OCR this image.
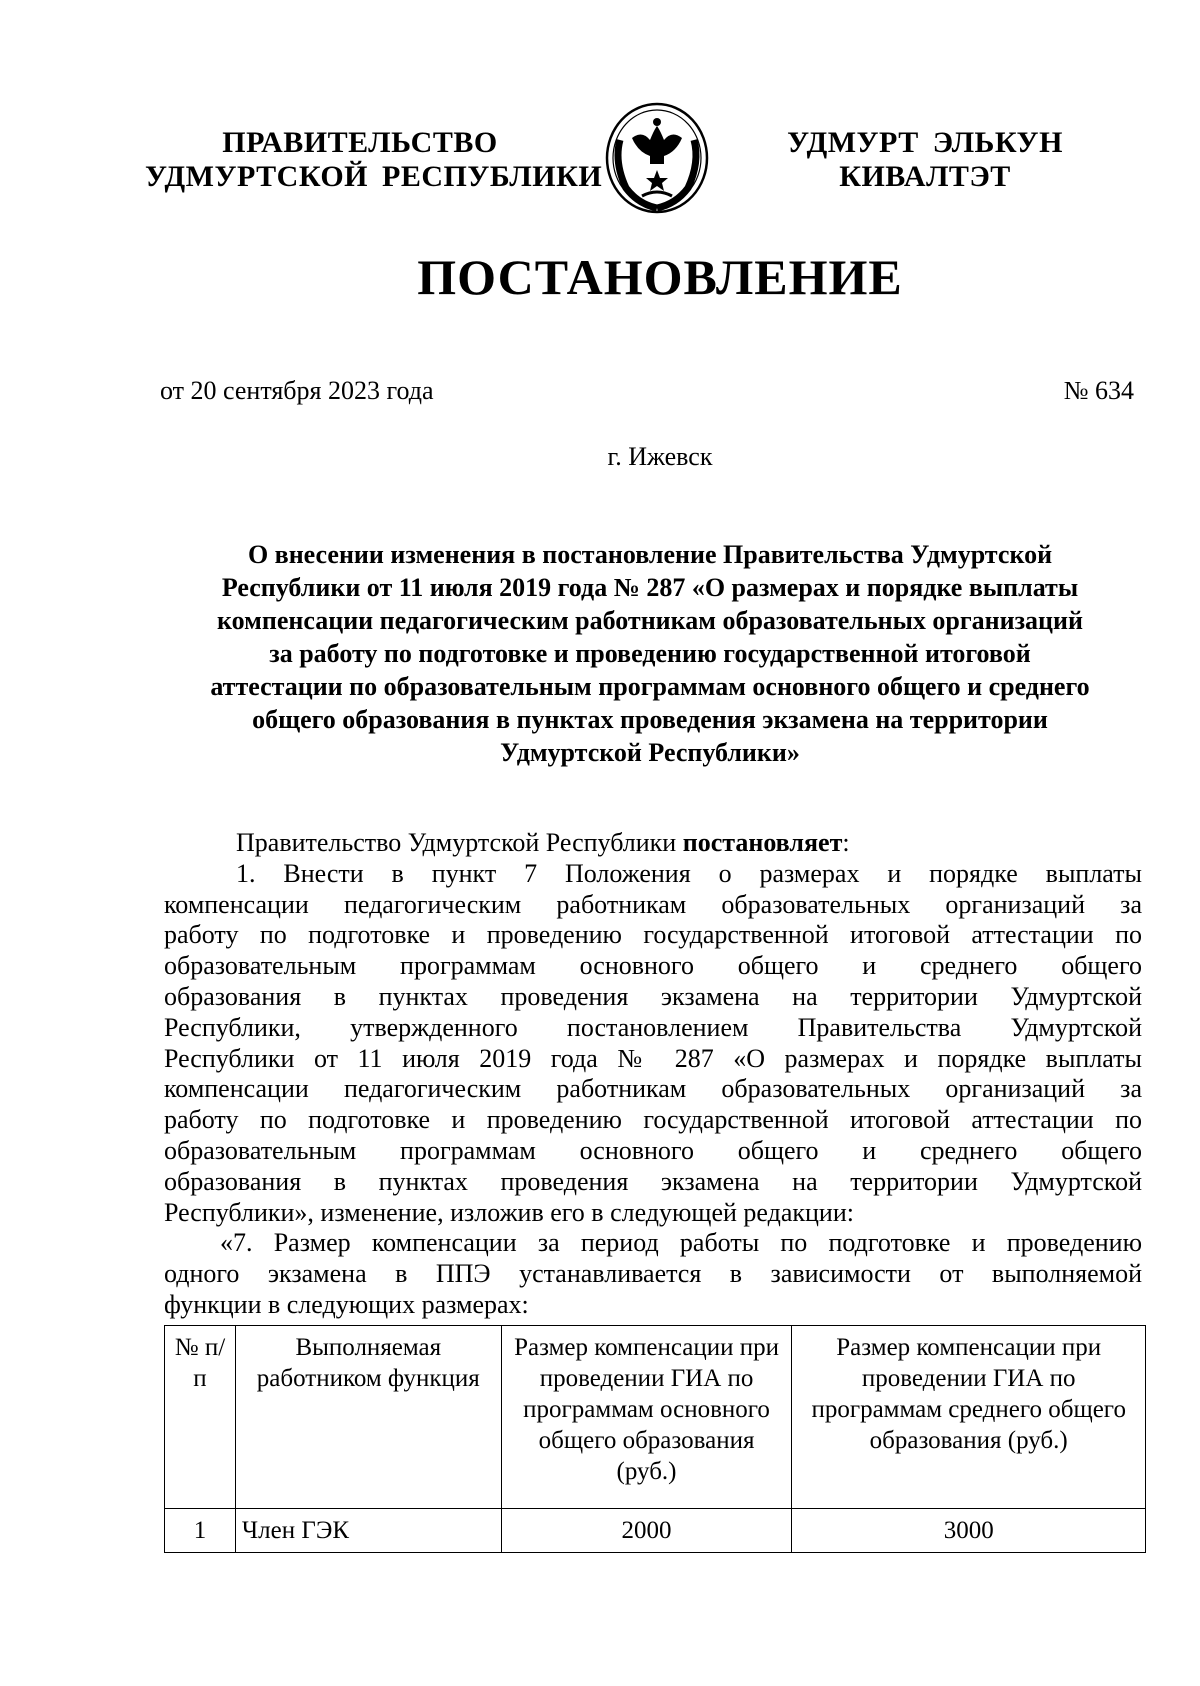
ПРАВИТЕЛЬСТВО
УДМУРТСКОЙ РЕСПУБЛИКИ
УДМУРТ ЭЛЬКУН
КИВАЛТЭТ
ПОСТАНОВЛЕНИЕ
от 20 сентября 2023 года	№ 634
г. Ижевск
О внесении изменения в постановление Правительства Удмуртской
Республики от 11 июля 2019 года № 287 «О размерах и порядке выплаты
компенсации педагогическим работникам образовательных организаций
за работу по подготовке и проведению государственной итоговой
аттестации по образовательным программам основного общего и среднего
общего образования в пунктах проведения экзамена на территории
Удмуртской Республики»

Правительство Удмуртской Республики постановляет:

1. Внести в пункт 7 Положения о размерах и порядке выплаты
компенсации педагогическим работникам образовательных организаций за
работу по подготовке и проведению государственной итоговой аттестации по
образовательным программам основного общего и среднего общего
образования в пунктах проведения экзамена на территории Удмуртской
Республики, утвержденного постановлением Правительства Удмуртской
Республики от 11 июля 2019 года № 287 «О размерах и порядке выплаты
компенсации педагогическим работникам образовательных организаций за
работу по подготовке и проведению государственной итоговой аттестации по
образовательным программам основного общего и среднего общего
образования в пунктах проведения экзамена на территории Удмуртской
Республики», изменение, изложив его в следующей редакции:
«7. Размер компенсации за период работы по подготовке и проведению
одного экзамена в ППЭ устанавливается в зависимости от выполняемой
функции в следующих размерах:
№ п/п	Выполняемая работником функция	Размер компенсации при проведении ГИА по программам основного общего образования (руб.)	Размер компенсации при проведении ГИА по программам среднего общего образования (руб.)
1	Член ГЭК	2000	3000
